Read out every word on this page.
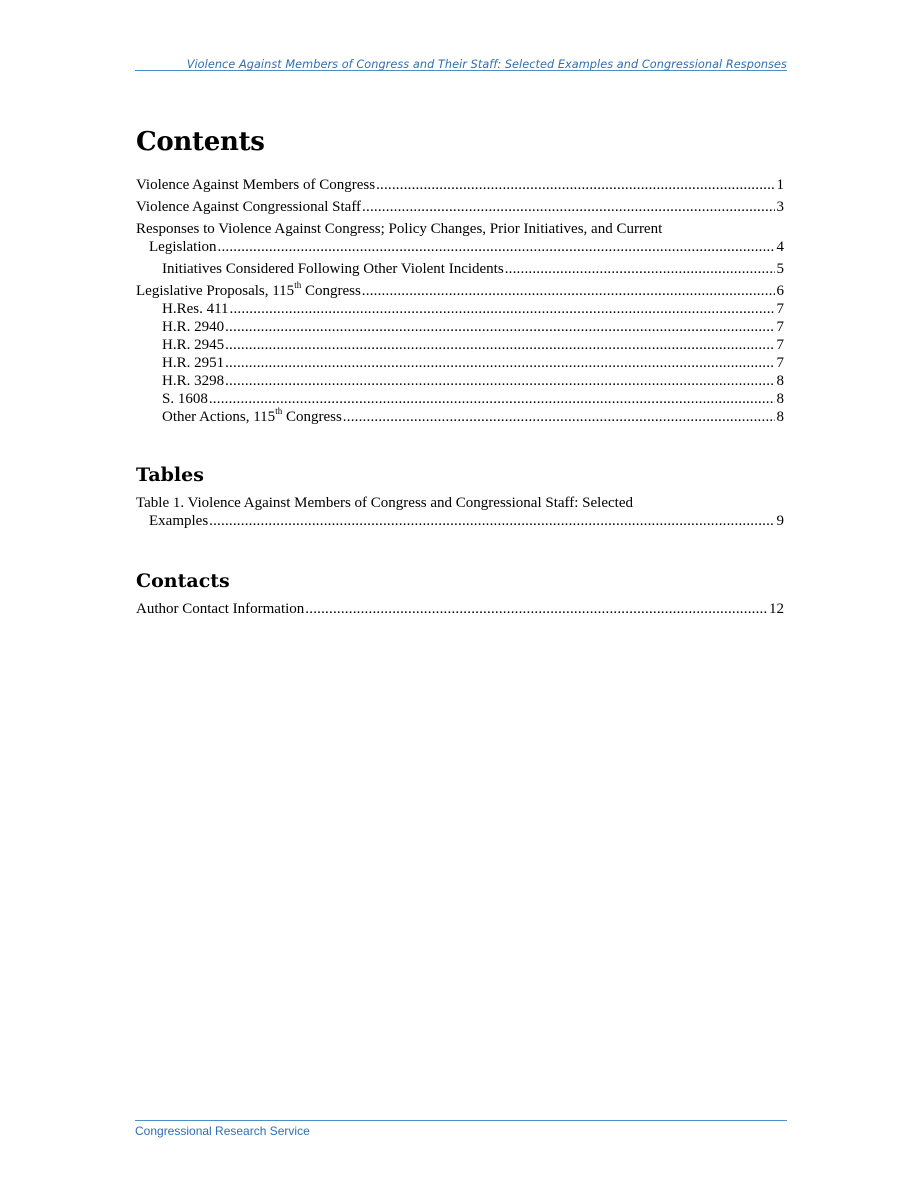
Violence Against Members of Congress and Their Staff: Selected Examples and Congressional Responses
Contents
Violence Against Members of Congress .....	1
Violence Against Congressional Staff .....	3
Responses to Violence Against Congress; Policy Changes, Prior Initiatives, and Current
Legislation .....	4
Initiatives Considered Following Other Violent Incidents .....	5
Legislative Proposals, 115th Congress .....	6
H.Res. 411 .....	7
H.R. 2940 .....	7
H.R. 2945 .....	7
H.R. 2951 .....	7
H.R. 3298 .....	8
S. 1608 .....	8
Other Actions, 115th Congress .....	8
Tables
Table 1. Violence Against Members of Congress and Congressional Staff: Selected
Examples .....	9
Contacts
Author Contact Information .....	12
Congressional Research Service
